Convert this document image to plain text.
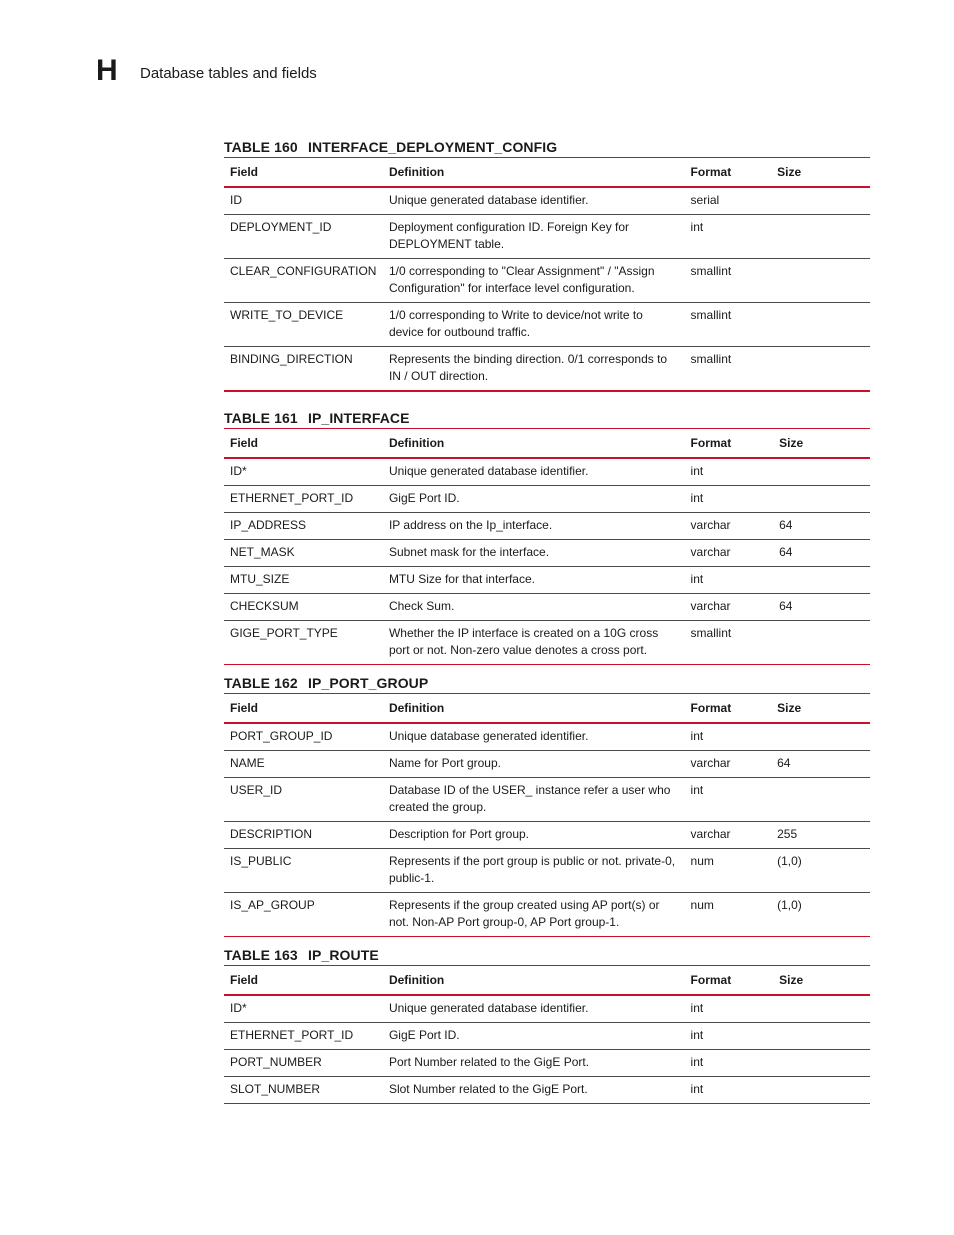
H Database tables and fields
TABLE 160 INTERFACE_DEPLOYMENT_CONFIG
Field	Definition	Format	Size
ID	Unique generated database identifier.	serial	
DEPLOYMENT_ID	Deployment configuration ID. Foreign Key for DEPLOYMENT table.	int	
CLEAR_CONFIGURATION	1/0 corresponding to "Clear Assignment" / "Assign Configuration" for interface level configuration.	smallint	
WRITE_TO_DEVICE	1/0 corresponding to Write to device/not write to device for outbound traffic.	smallint	
BINDING_DIRECTION	Represents the binding direction. 0/1 corresponds to IN / OUT direction.	smallint	
TABLE 161 IP_INTERFACE
Field	Definition	Format	Size
ID*	Unique generated database identifier.	int	
ETHERNET_PORT_ID	GigE Port ID.	int	
IP_ADDRESS	IP address on the Ip_interface.	varchar	64
NET_MASK	Subnet mask for the interface.	varchar	64
MTU_SIZE	MTU Size for that interface.	int	
CHECKSUM	Check Sum.	varchar	64
GIGE_PORT_TYPE	Whether the IP interface is created on a 10G cross port or not. Non-zero value denotes a cross port.	smallint	
TABLE 162 IP_PORT_GROUP
Field	Definition	Format	Size
PORT_GROUP_ID	Unique database generated identifier.	int	
NAME	Name for Port group.	varchar	64
USER_ID	Database ID of the USER_ instance refer a user who created the group.	int	
DESCRIPTION	Description for Port group.	varchar	255
IS_PUBLIC	Represents if the port group is public or not. private-0, public-1.	num	(1,0)
IS_AP_GROUP	Represents if the group created using AP port(s) or not. Non-AP Port group-0, AP Port group-1.	num	(1,0)
TABLE 163 IP_ROUTE
Field	Definition	Format	Size
ID*	Unique generated database identifier.	int	
ETHERNET_PORT_ID	GigE Port ID.	int	
PORT_NUMBER	Port Number related to the GigE Port.	int	
SLOT_NUMBER	Slot Number related to the GigE Port.	int	
